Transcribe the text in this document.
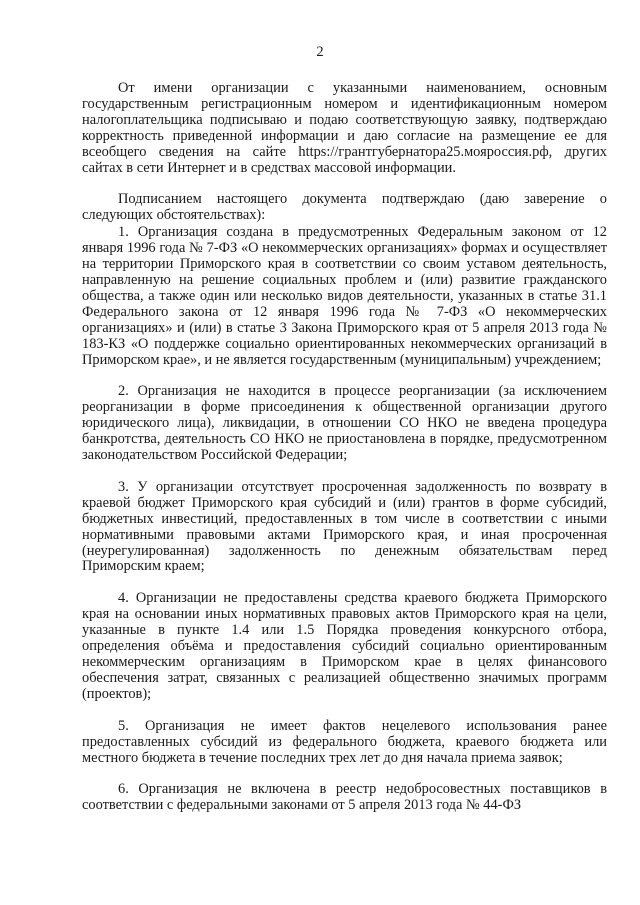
2

От имени организации с указанными наименованием, основным государственным регистрационным номером и идентификационным номером налогоплательщика подписываю и подаю соответствующую заявку, подтверждаю корректность приведенной информации и даю согласие на размещение ее для всеобщего сведения на сайте https://грантгубернатора25.мояроссия.рф, других сайтах в сети Интернет и в средствах массовой информации.

Подписанием настоящего документа подтверждаю (даю заверение о следующих обстоятельствах):

1. Организация создана в предусмотренных Федеральным законом от 12 января 1996 года № 7-ФЗ «О некоммерческих организациях» формах и осуществляет на территории Приморского края в соответствии со своим уставом деятельность, направленную на решение социальных проблем и (или) развитие гражданского общества, а также один или несколько видов деятельности, указанных в статье 31.1 Федерального закона от 12 января 1996 года № 7-ФЗ «О некоммерческих организациях» и (или) в статье 3 Закона Приморского края от 5 апреля 2013 года № 183-КЗ «О поддержке социально ориентированных некоммерческих организаций в Приморском крае», и не является государственным (муниципальным) учреждением;

2. Организация не находится в процессе реорганизации (за исключением реорганизации в форме присоединения к общественной организации другого юридического лица), ликвидации, в отношении СО НКО не введена процедура банкротства, деятельность СО НКО не приостановлена в порядке, предусмотренном законодательством Российской Федерации;

3. У организации отсутствует просроченная задолженность по возврату в краевой бюджет Приморского края субсидий и (или) грантов в форме субсидий, бюджетных инвестиций, предоставленных в том числе в соответствии с иными нормативными правовыми актами Приморского края, и иная просроченная (неурегулированная) задолженность по денежным обязательствам перед Приморским краем;

4. Организации не предоставлены средства краевого бюджета Приморского края на основании иных нормативных правовых актов Приморского края на цели, указанные в пункте 1.4 или 1.5 Порядка проведения конкурсного отбора, определения объёма и предоставления субсидий социально ориентированным некоммерческим организациям в Приморском крае в целях финансового обеспечения затрат, связанных с реализацией общественно значимых программ (проектов);

5. Организация не имеет фактов нецелевого использования ранее предоставленных субсидий из федерального бюджета, краевого бюджета или местного бюджета в течение последних трех лет до дня начала приема заявок;

6. Организация не включена в реестр недобросовестных поставщиков в соответствии с федеральными законами от 5 апреля 2013 года № 44-ФЗ
